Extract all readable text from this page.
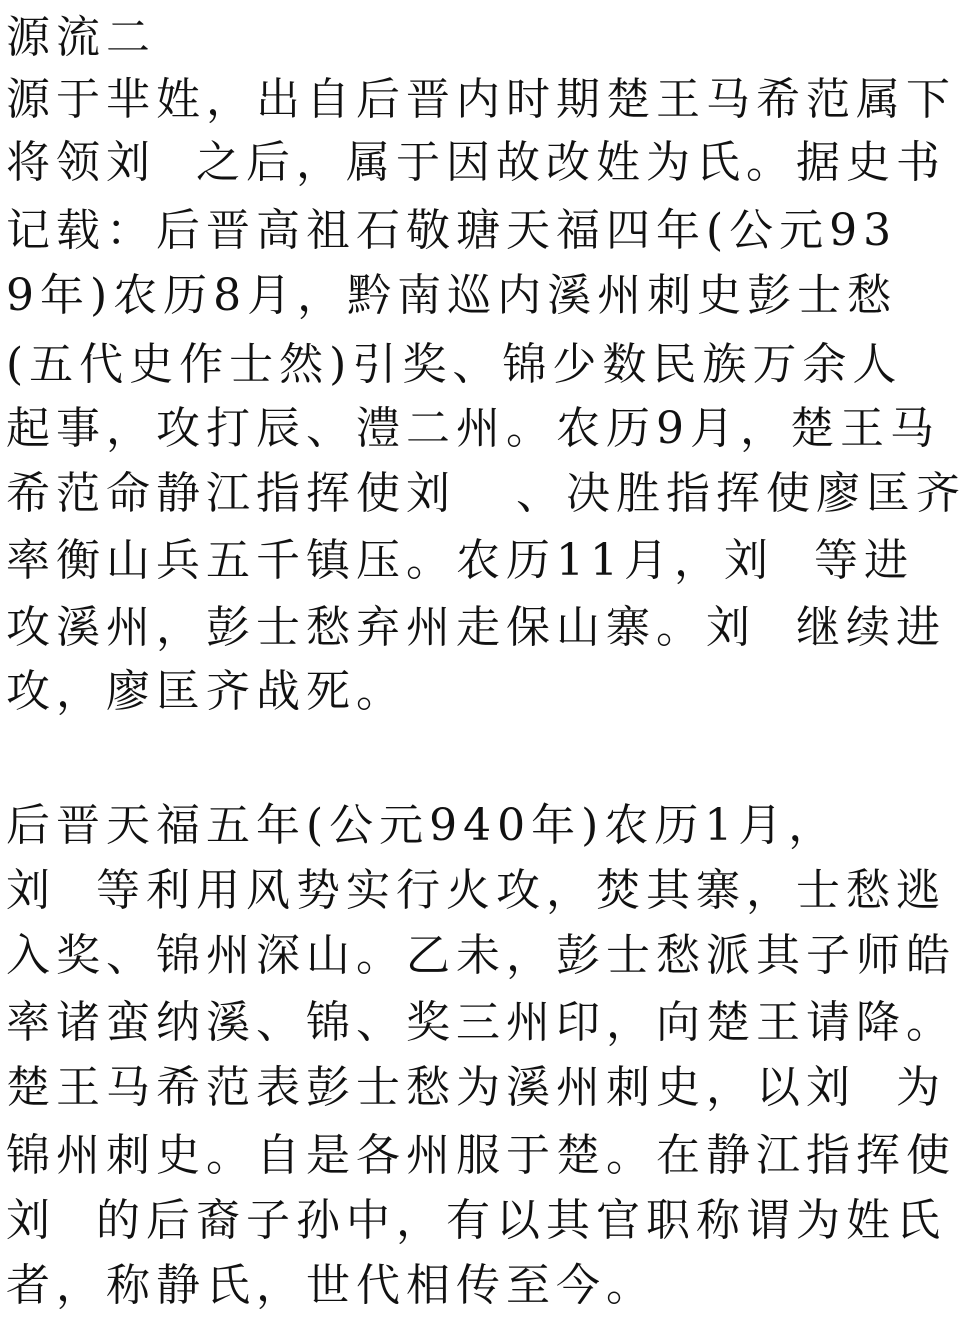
源流二

源于芈姓，出自后晋内时期楚王马希范属下

将领刘  之后，属于因故改姓为氏。据史书

记载：后晋高祖石敬瑭天福四年(公元93

9年)农历8月，黔南巡内溪州刺史彭士愁

(五代史作士然)引奖、锦少数民族万余人

起事，攻打辰、澧二州。农历9月，楚王马

希范命静江指挥使刘   、决胜指挥使廖匡齐

率衡山兵五千镇压。农历11月，刘  等进

攻溪州，彭士愁弃州走保山寨。刘  继续进

攻，廖匡齐战死。

后晋天福五年(公元940年)农历1月，

刘  等利用风势实行火攻，焚其寨，士愁逃

入奖、锦州深山。乙未，彭士愁派其子师皓

率诸蛮纳溪、锦、奖三州印，向楚王请降。

楚王马希范表彭士愁为溪州刺史，以刘  为

锦州刺史。自是各州服于楚。在静江指挥使

刘  的后裔子孙中，有以其官职称谓为姓氏

者，称静氏，世代相传至今。
